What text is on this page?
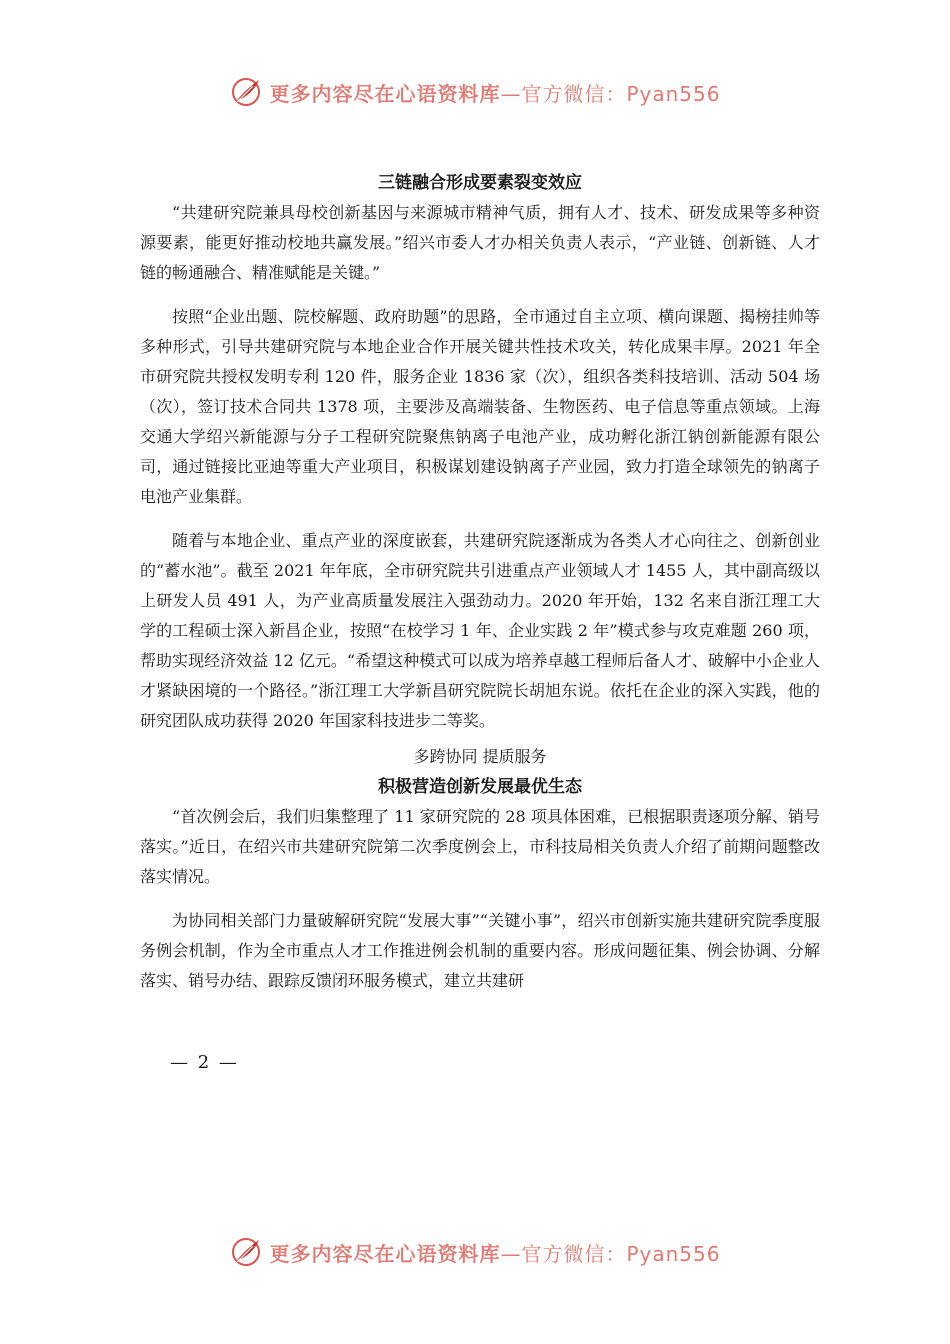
更多内容尽在心语资料库—官方微信：Pyan556
三链融合形成要素裂变效应

“共建研究院兼具母校创新基因与来源城市精神气质，拥有人才、技术、研发成果等多种资源要素，能更好推动校地共赢发展。”绍兴市委人才办相关负责人表示，“产业链、创新链、人才链的畅通融合、精准赋能是关键。”

按照“企业出题、院校解题、政府助题”的思路，全市通过自主立项、横向课题、揭榜挂帅等多种形式，引导共建研究院与本地企业合作开展关键共性技术攻关，转化成果丰厚。2021 年全市研究院共授权发明专利 120 件，服务企业 1836 家（次），组织各类科技培训、活动 504 场（次），签订技术合同共 1378 项，主要涉及高端装备、生物医药、电子信息等重点领域。上海交通大学绍兴新能源与分子工程研究院聚焦钠离子电池产业，成功孵化浙江钠创新能源有限公司，通过链接比亚迪等重大产业项目，积极谋划建设钠离子产业园，致力打造全球领先的钠离子电池产业集群。

随着与本地企业、重点产业的深度嵌套，共建研究院逐渐成为各类人才心向往之、创新创业的“蓄水池”。截至 2021 年年底，全市研究院共引进重点产业领域人才 1455 人，其中副高级以上研发人员 491 人，为产业高质量发展注入强劲动力。2020 年开始，132 名来自浙江理工大学的工程硕士深入新昌企业，按照“在校学习 1 年、企业实践 2 年”模式参与攻克难题 260 项，帮助实现经济效益 12 亿元。“希望这种模式可以成为培养卓越工程师后备人才、破解中小企业人才紧缺困境的一个路径。”浙江理工大学新昌研究院院长胡旭东说。依托在企业的深入实践，他的研究团队成功获得 2020 年国家科技进步二等奖。

多跨协同 提质服务

积极营造创新发展最优生态

“首次例会后，我们归集整理了 11 家研究院的 28 项具体困难，已根据职责逐项分解、销号落实。”近日，在绍兴市共建研究院第二次季度例会上，市科技局相关负责人介绍了前期问题整改落实情况。

为协同相关部门力量破解研究院“发展大事”“关键小事”，绍兴市创新实施共建研究院季度服务例会机制，作为全市重点人才工作推进例会机制的重要内容。形成问题征集、例会协调、分解落实、销号办结、跟踪反馈闭环服务模式，建立共建研

— 2 —
更多内容尽在心语资料库—官方微信：Pyan556
